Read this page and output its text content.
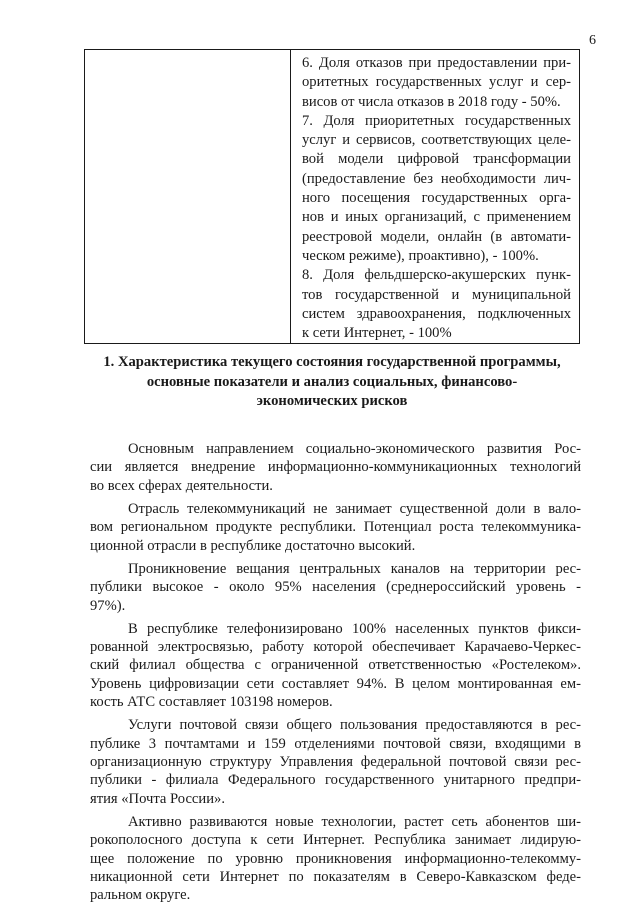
6

6. Доля отказов при предоставлении при-
оритетных государственных услуг и сер-
висов от числа отказов в 2018 году - 50%.
7. Доля приоритетных государственных
услуг и сервисов, соответствующих целе-
вой модели цифровой трансформации
(предоставление без необходимости лич-
ного посещения государственных орга-
нов и иных организаций, с применением
реестровой модели, онлайн (в автомати-
ческом режиме), проактивно), - 100%.
8. Доля фельдшерско-акушерских пунк-
тов государственной и муниципальной
систем здравоохранения, подключенных
к сети Интернет, - 100%
1. Характеристика текущего состояния государственной программы,
основные показатели и анализ социальных, финансово-
экономических рисков
Основным направлением социально-экономического развития Рос-
сии является внедрение информационно-коммуникационных технологий
во всех сферах деятельности.
Отрасль телекоммуникаций не занимает существенной доли в вало-
вом региональном продукте республики. Потенциал роста телекоммуника-
ционной отрасли в республике достаточно высокий.
Проникновение вещания центральных каналов на территории рес-
публики высокое - около 95% населения (среднероссийский уровень -
97%).
В республике телефонизировано 100% населенных пунктов фикси-
рованной электросвязью, работу которой обеспечивает Карачаево-Черкес-
ский филиал общества с ограниченной ответственностью «Ростелеком».
Уровень цифровизации сети составляет 94%. В целом монтированная ем-
кость АТС составляет 103198 номеров.
Услуги почтовой связи общего пользования предоставляются в рес-
публике 3 почтамтами и 159 отделениями почтовой связи, входящими в
организационную структуру Управления федеральной почтовой связи рес-
публики - филиала Федерального государственного унитарного предпри-
ятия «Почта России».
Активно развиваются новые технологии, растет сеть абонентов ши-
рокополосного доступа к сети Интернет. Республика занимает лидирую-
щее положение по уровню проникновения информационно-телекомму-
никационной сети Интернет по показателям в Северо-Кавказском феде-
ральном округе.
